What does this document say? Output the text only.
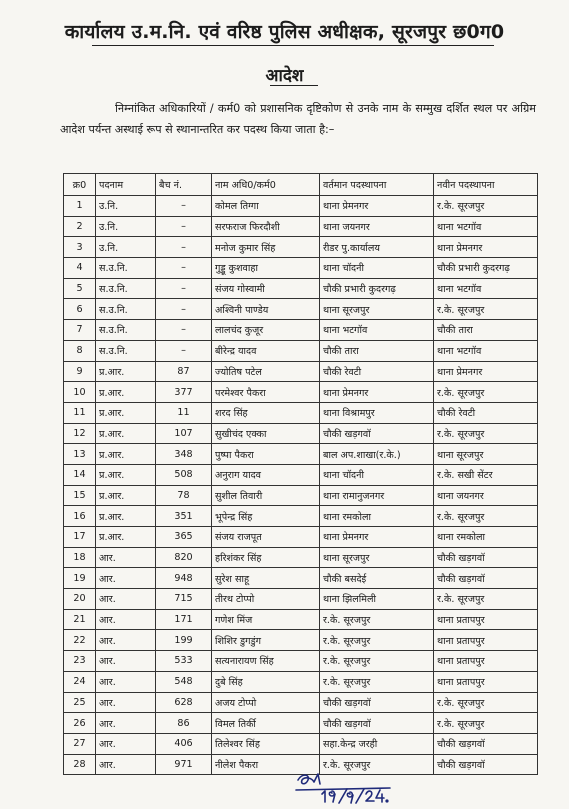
कार्यालय उ.म.नि. एवं वरिष्ठ पुलिस अधीक्षक, सूरजपुर छ0ग0
आदेश
निम्नांकित अधिकारियों / कर्म0 को प्रशासनिक दृष्टिकोण से उनके नाम के सम्मुख दर्शित स्थल पर अग्रिम आदेश पर्यन्त अस्थाई रूप से स्थानान्तरित कर पदस्थ किया जाता है:–
क्र0	पदनाम	बैच नं.	नाम अधि0/कर्म0	वर्तमान पदस्थापना	नवीन पदस्थापना
1	उ.नि.	–	कोमल तिग्गा	थाना प्रेमनगर	र.के. सूरजपुर
2	उ.नि.	–	सरफराज फिरदौशी	थाना जयनगर	थाना भटगॉव
3	उ.नि.	–	मनोज कुमार सिंह	रीडर पु.कार्यालय	थाना प्रेमनगर
4	स.उ.नि.	–	गुड्डू कुशवाहा	थाना चॉदनी	चौकी प्रभारी कुदरगढ़
5	स.उ.नि.	–	संजय गोस्वामी	चौकी प्रभारी कुदरगढ़	थाना भटगॉव
6	स.उ.नि.	–	अश्विनी पाण्डेय	थाना सूरजपुर	र.के. सूरजपुर
7	स.उ.नि.	–	लालचंद कुजूर	थाना भटगॉव	चौकी तारा
8	स.उ.नि.	–	बीरेन्द्र यादव	चौकी तारा	थाना भटगॉव
9	प्र.आर.	87	ज्योतिष पटेल	चौकी रेवटी	थाना प्रेमनगर
10	प्र.आर.	377	परमेश्वर पैकरा	थाना प्रेमनगर	र.के. सूरजपुर
11	प्र.आर.	11	शरद सिंह	थाना विश्रामपुर	चौकी रेवटी
12	प्र.आर.	107	सुखीचंद एक्का	चौकी खड़गवॉ	र.के. सूरजपुर
13	प्र.आर.	348	पुष्पा पैकरा	बाल अप.शाखा(र.के.)	थाना सूरजपुर
14	प्र.आर.	508	अनुराग यादव	थाना चॉदनी	र.के. सखी सेंटर
15	प्र.आर.	78	सुशील तिवारी	थाना रामानुजनगर	थाना जयनगर
16	प्र.आर.	351	भूपेन्द्र सिंह	थाना रमकोला	र.के. सूरजपुर
17	प्र.आर.	365	संजय राजपूत	थाना प्रेमनगर	थाना रमकोला
18	आर.	820	हरिशंकर सिंह	थाना सूरजपुर	चौकी खड़गवॉ
19	आर.	948	सुरेश साहू	चौकी बसदेई	चौकी खड़गवॉ
20	आर.	715	तीरथ टोप्पो	थाना झिलमिली	र.के. सूरजपुर
21	आर.	171	गणेश मिंज	र.के. सूरजपुर	थाना प्रतापपुर
22	आर.	199	शिशिर डुगडुंग	र.के. सूरजपुर	थाना प्रतापपुर
23	आर.	533	सत्यनारायण सिंह	र.के. सूरजपुर	थाना प्रतापपुर
24	आर.	548	दुबे सिंह	र.के. सूरजपुर	थाना प्रतापपुर
25	आर.	628	अजय टोप्पो	चौकी खड़गवॉ	र.के. सूरजपुर
26	आर.	86	विमल तिर्की	चौकी खड़गवॉ	र.के. सूरजपुर
27	आर.	406	तिलेश्वर सिंह	सहा.केन्द्र जरही	चौकी खड़गवॉ
28	आर.	971	नीलेश पैकरा	र.के. सूरजपुर	चौकी खड़गवॉ
